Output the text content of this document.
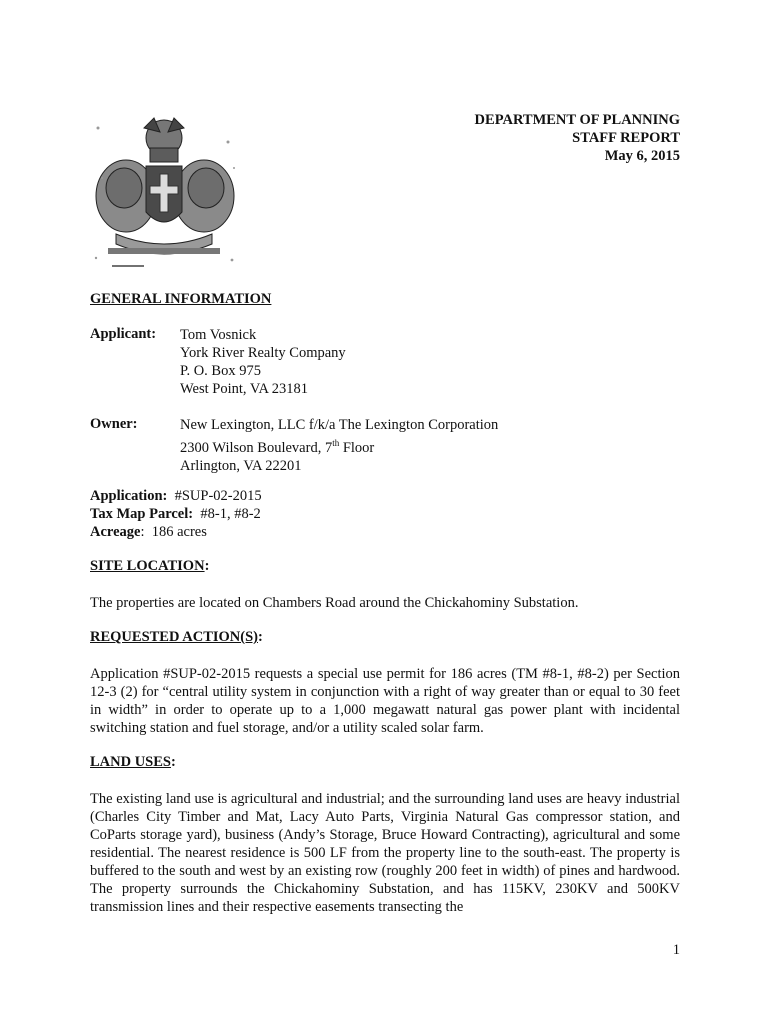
DEPARTMENT OF PLANNING
STAFF REPORT
May 6, 2015
GENERAL INFORMATION
Applicant: Tom Vosnick
York River Realty Company
P. O. Box 975
West Point, VA 23181
Owner:	New Lexington, LLC f/k/a The Lexington Corporation
2300 Wilson Boulevard, 7th Floor
Arlington, VA 22201
Application:  #SUP-02-2015
Tax Map Parcel:  #8-1, #8-2
Acreage:  186 acres
SITE LOCATION:
The properties are located on Chambers Road around the Chickahominy Substation.
REQUESTED ACTION(S):
Application #SUP-02-2015 requests a special use permit for 186 acres (TM #8-1, #8-2) per Section 12-3 (2) for “central utility system in conjunction with a right of way greater than or equal to 30 feet in width” in order to operate up to a 1,000 megawatt natural gas power plant with incidental switching station and fuel storage, and/or a utility scaled solar farm.
LAND USES:
The existing land use is agricultural and industrial; and the surrounding land uses are heavy industrial (Charles City Timber and Mat, Lacy Auto Parts, Virginia Natural Gas compressor station, and CoParts storage yard), business (Andy’s Storage, Bruce Howard Contracting), agricultural and some residential. The nearest residence is 500 LF from the property line to the south-east. The property is buffered to the south and west by an existing row (roughly 200 feet in width) of pines and hardwood. The property surrounds the Chickahominy Substation, and has 115KV, 230KV and 500KV transmission lines and their respective easements transecting the
1
